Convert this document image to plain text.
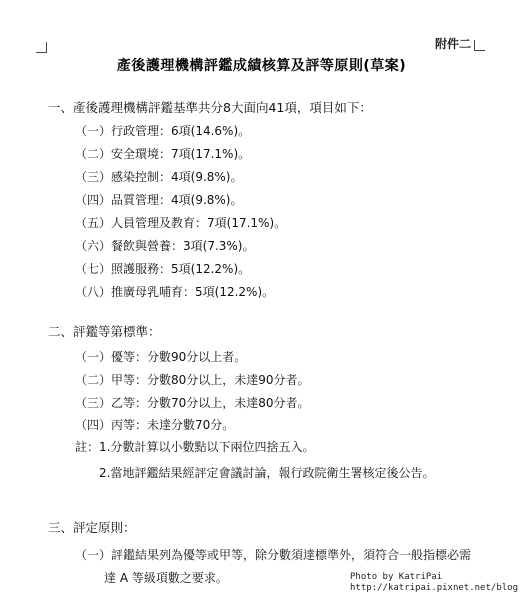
附件二
產後護理機構評鑑成績核算及評等原則(草案)
一、產後護理機構評鑑基準共分8大面向41項，項目如下：
（一）行政管理：6項(14.6%)。
（二）安全環境：7項(17.1%)。
（三）感染控制：4項(9.8%)。
（四）品質管理：4項(9.8%)。
（五）人員管理及教育：7項(17.1%)。
（六）餐飲與營養：3項(7.3%)。
（七）照護服務：5項(12.2%)。
（八）推廣母乳哺育：5項(12.2%)。
二、評鑑等第標準：
（一）優等：分數90分以上者。
（二）甲等：分數80分以上，未達90分者。
（三）乙等：分數70分以上，未達80分者。
（四）丙等：未達分數70分。
註：1.分數計算以小數點以下兩位四捨五入。
2.當地評鑑結果經評定會議討論，報行政院衛生署核定後公告。
三、評定原則：
（一）評鑑結果列為優等或甲等，除分數須達標準外，須符合一般指標必需
達 A 等級項數之要求。	Photo by KatriPai
http://katripai.pixnet.net/blog
